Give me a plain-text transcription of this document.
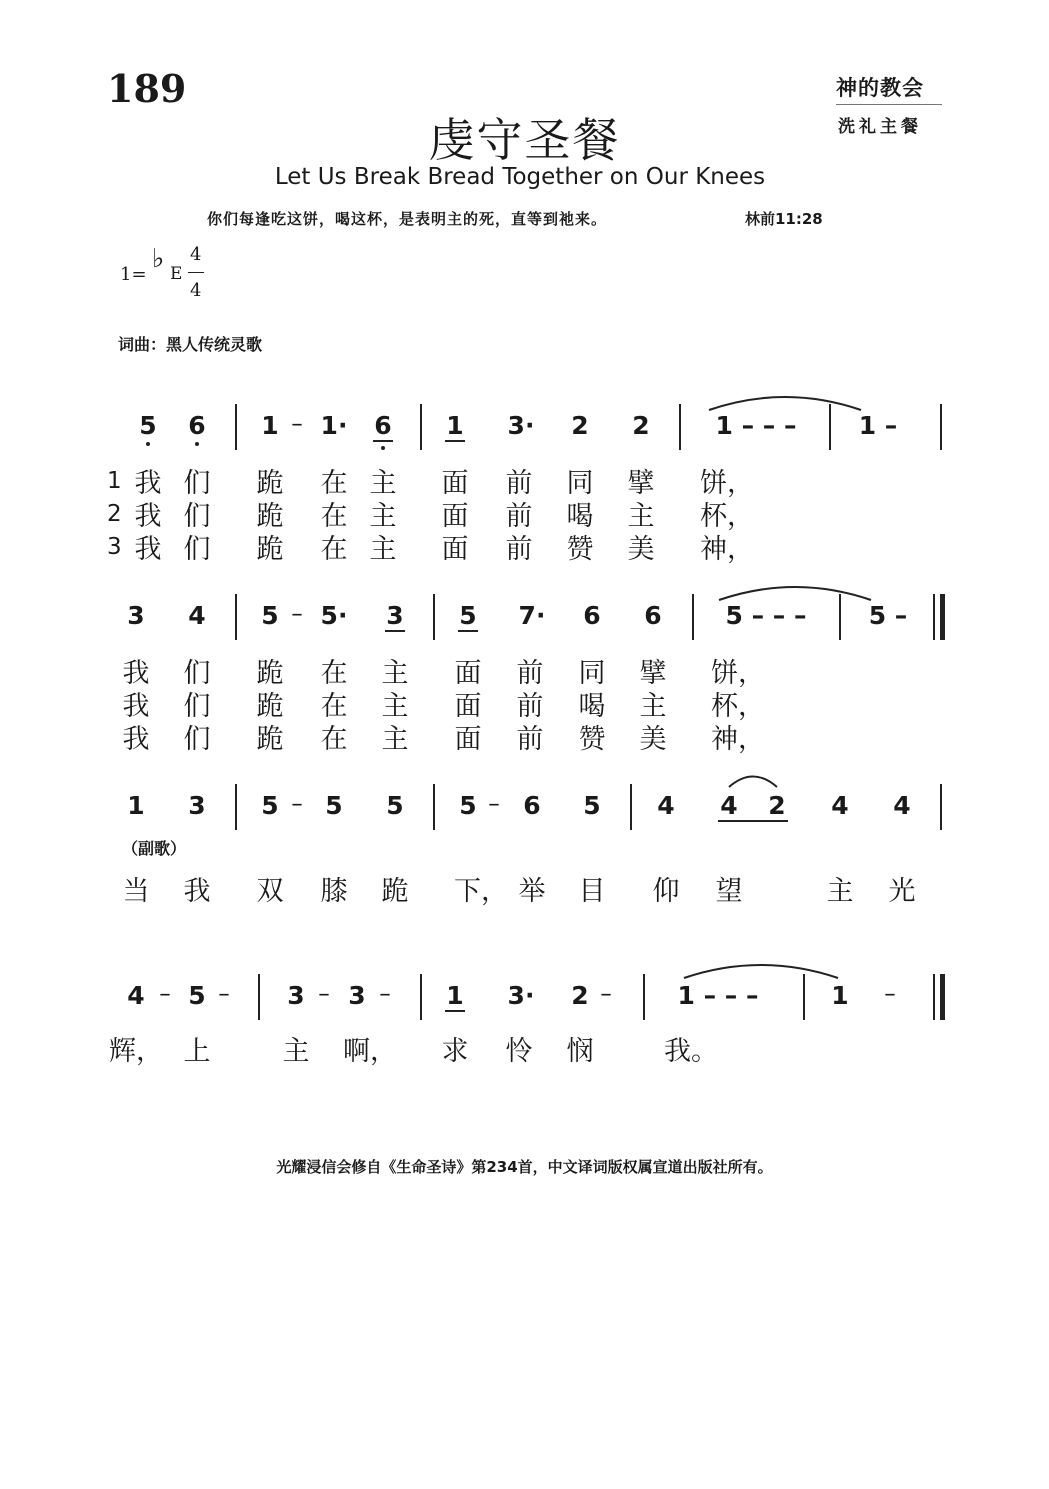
189	神的教会
洗礼主餐
虔守圣餐
Let Us Break Bread Together on Our Knees
你们每逢吃这饼，喝这杯，是表明主的死，直等到祂来。	林前11:28
1=
♭ E
4
4
词曲：黑人传统灵歌
5 6 1 – 1· 6 1 3· 2 2	1 – – – 1 –
1
2
3
我 们 跪 在 主 面 前 同 擘 饼，
我 们 跪 在 主 面 前 喝 主 杯，
我 们 跪 在 主 面 前 赞 美 神，
3 4 5 – 5· 3 5 7· 6 6	5 – – – 5 –
我 们 跪 在 主 面 前 同 擘 饼，
我 们 跪 在 主 面 前 喝 主 杯，
我 们 跪 在 主 面 前 赞 美 神，
1 3 5 – 5 5 5 – 6 5 4 4 2 4 4
（副歌）
当 我 双 膝 跪 下， 举 目 仰 望	主 光
4 – 5 – 3 – 3 – 1 3· 2 –	1 – – –	1 –
辉， 上	主 啊， 求 怜 悯	我。
光耀浸信会修自《生命圣诗》第234首，中文译词版权属宣道出版社所有。
